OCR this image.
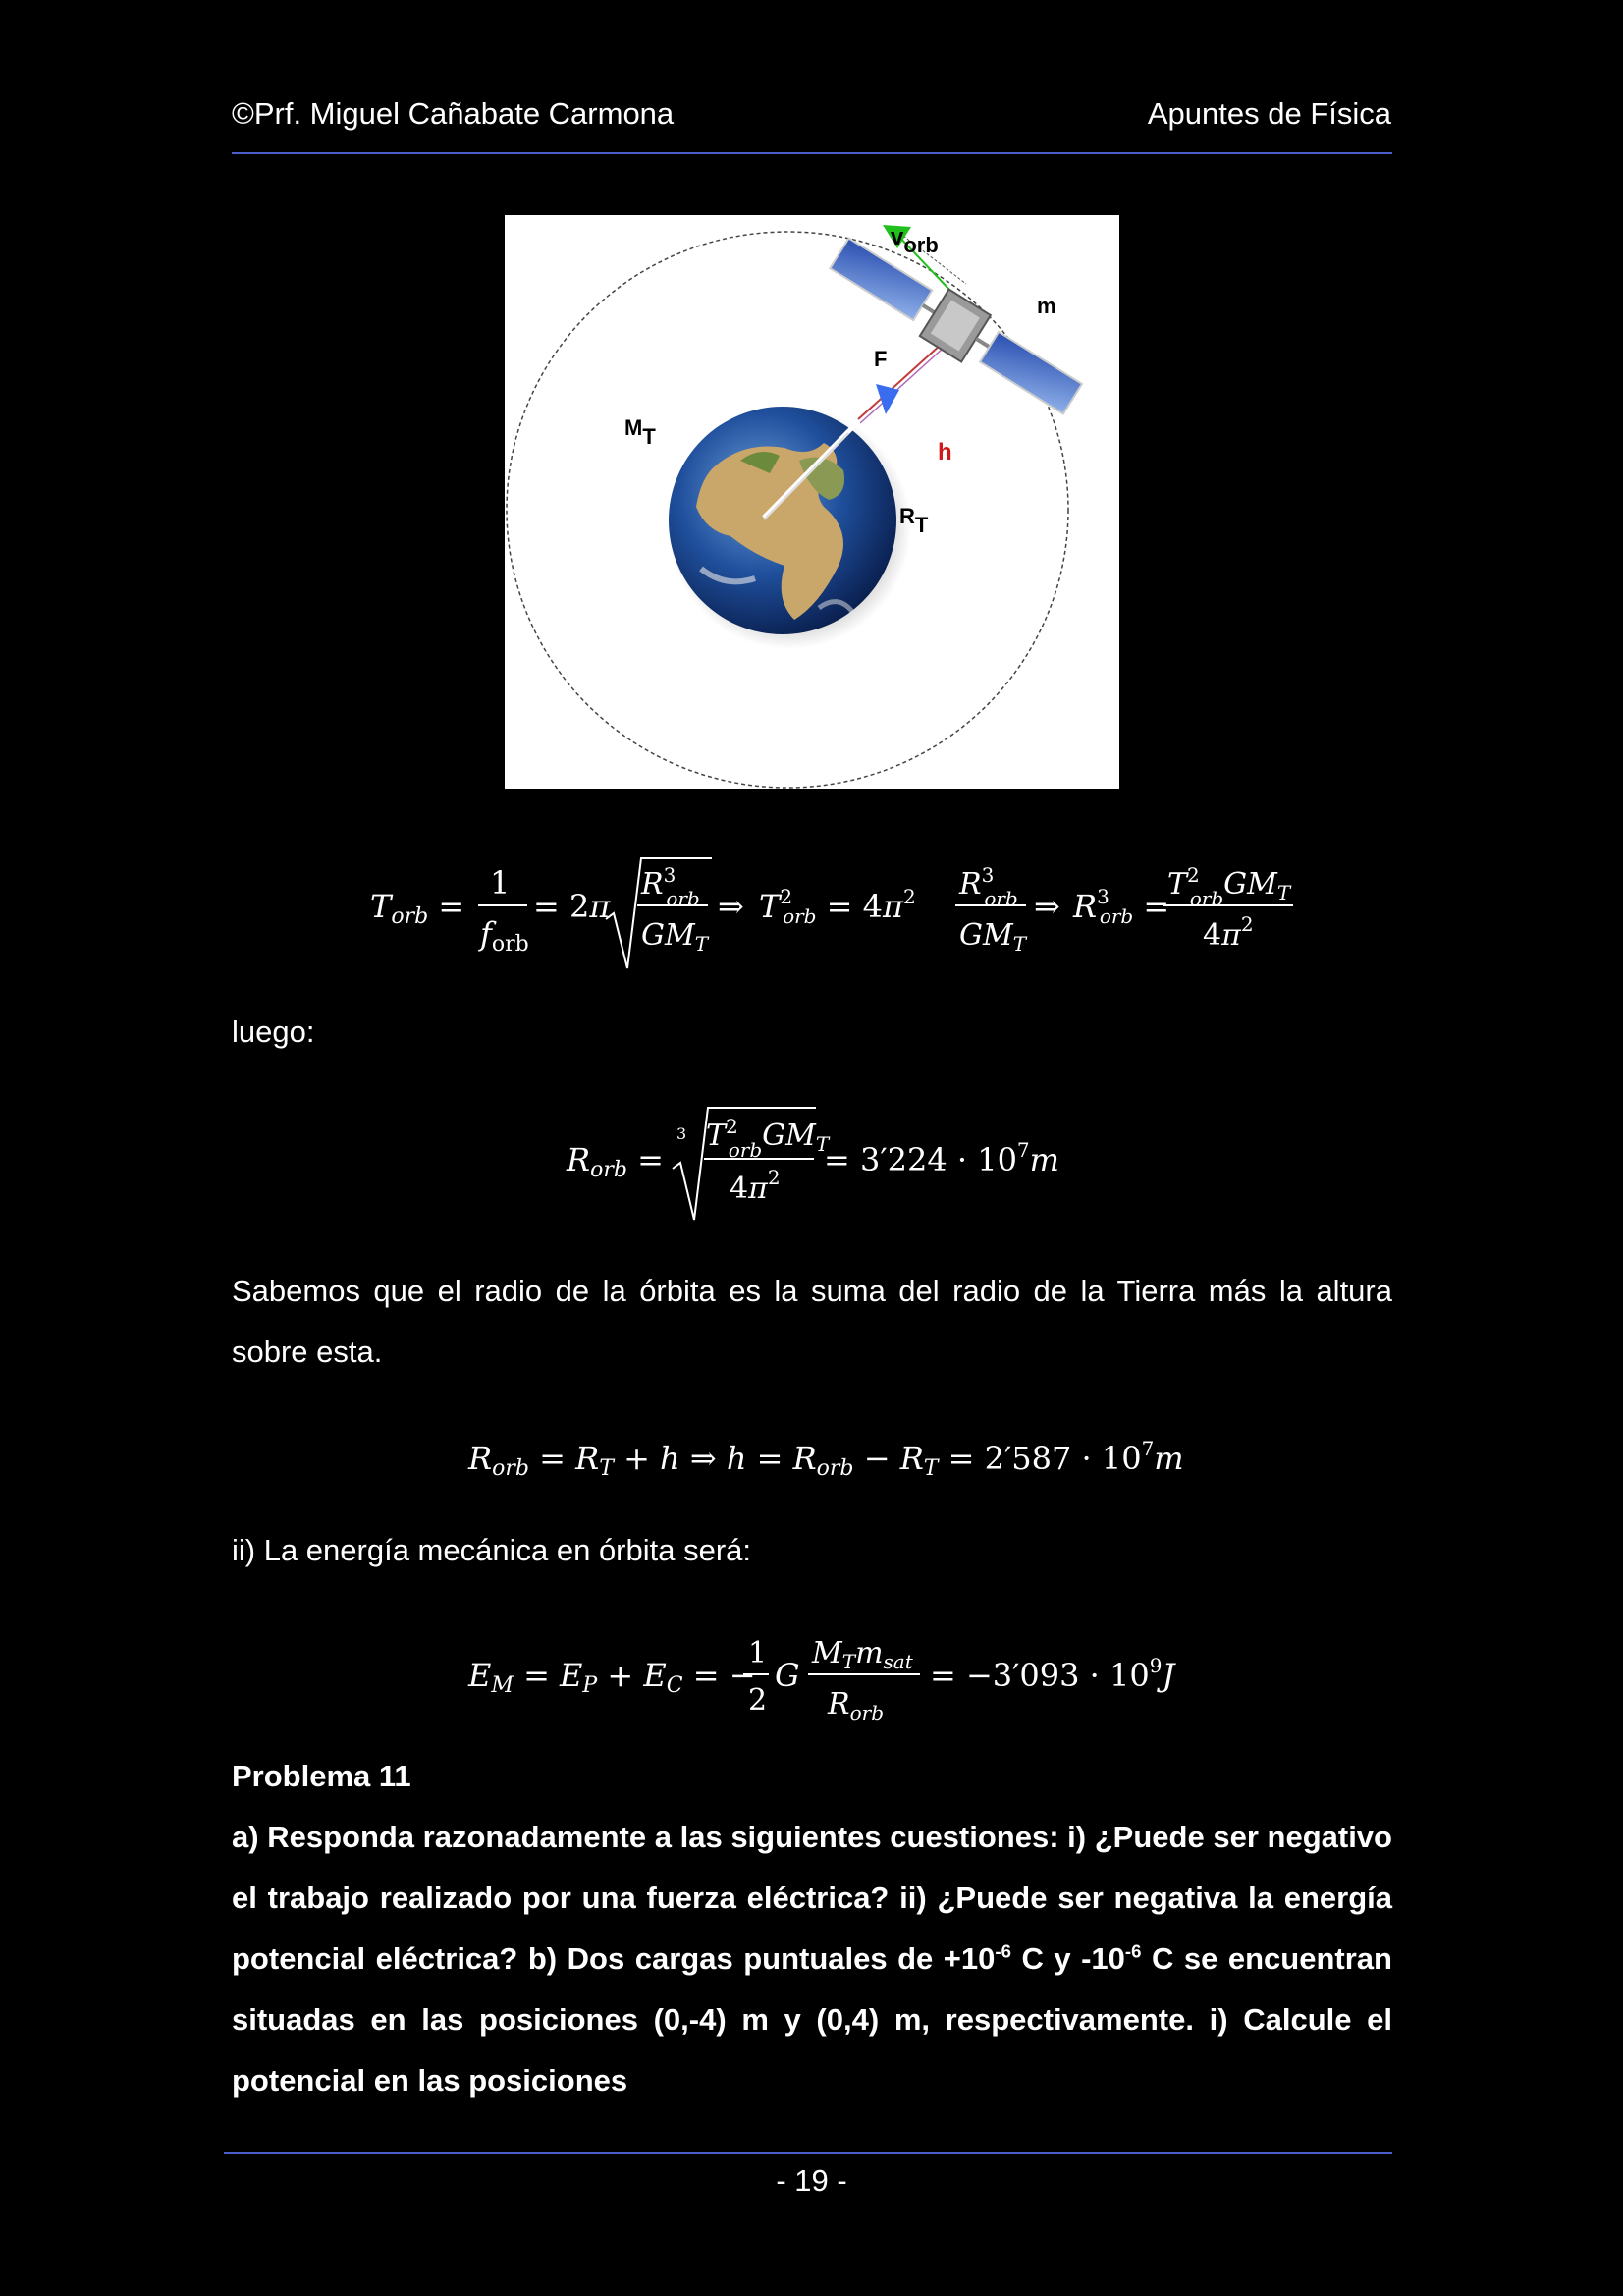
©Prf. Miguel Cañabate Carmona	Apuntes de Física
vorb
m
F
MT
h
RT
Torb =
1
forb
= 2π
$R^3$ orb
$GM_T$
⇒ $T^2$ orb = $4\pi^2$ $R^3$ orb
$GM_T$
⇒ $R^3$ orb =
$T^2$ orbGM$_T$
$4\pi^2$
luego:
Rorb =
3 $T^2$ orbGM$_T$
$4\pi^2 = 3'224 \cdot 10^7m$
Sabemos que el radio de la órbita es la suma del radio de la Tierra más la altura sobre esta.
Rorb = RT + h ⇒ h = Rorb − RT = $2'587 \cdot 10^7m$
ii) La energía mecánica en órbita será:
EM = EP + EC = −
1
2
G
$M_Tm_{sat}$
$R_{orb}$
= $-3'093 \cdot 10^9J$
Problema 11
a) Responda razonadamente a las siguientes cuestiones: i) ¿Puede ser negativo el trabajo realizado por una fuerza eléctrica? ii) ¿Puede ser negativa la energía potencial eléctrica? b) Dos cargas puntuales de $+10^{-6}$ C y $-10^{-6}$ C se encuentran situadas en las posiciones (0,-4) m y (0,4) m, respectivamente. i) Calcule el potencial en las posiciones
- 19 -
